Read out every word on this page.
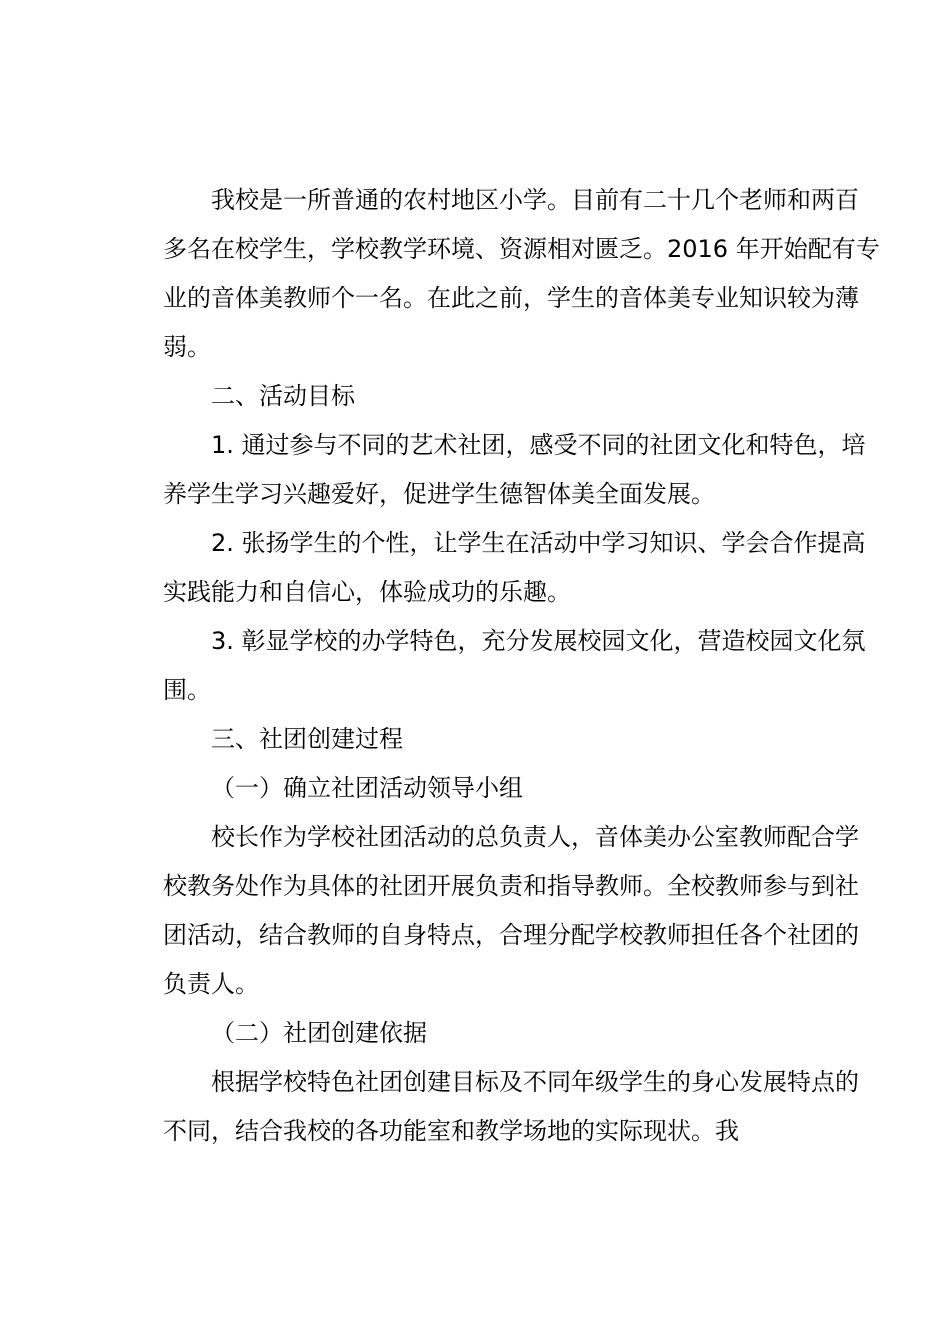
我校是一所普通的农村地区小学。目前有二十几个老师和两百
多名在校学生，学校教学环境、资源相对匮乏。2016 年开始配有专
业的音体美教师个一名。在此之前，学生的音体美专业知识较为薄
弱。
二、活动目标
1. 通过参与不同的艺术社团，感受不同的社团文化和特色，培
养学生学习兴趣爱好，促进学生德智体美全面发展。
2. 张扬学生的个性，让学生在活动中学习知识、学会合作提高
实践能力和自信心，体验成功的乐趣。
3. 彰显学校的办学特色，充分发展校园文化，营造校园文化氛
围。
三、社团创建过程
（一）确立社团活动领导小组
校长作为学校社团活动的总负责人，音体美办公室教师配合学
校教务处作为具体的社团开展负责和指导教师。全校教师参与到社
团活动，结合教师的自身特点，合理分配学校教师担任各个社团的
负责人。
（二）社团创建依据
根据学校特色社团创建目标及不同年级学生的身心发展特点的
不同，结合我校的各功能室和教学场地的实际现状。我
